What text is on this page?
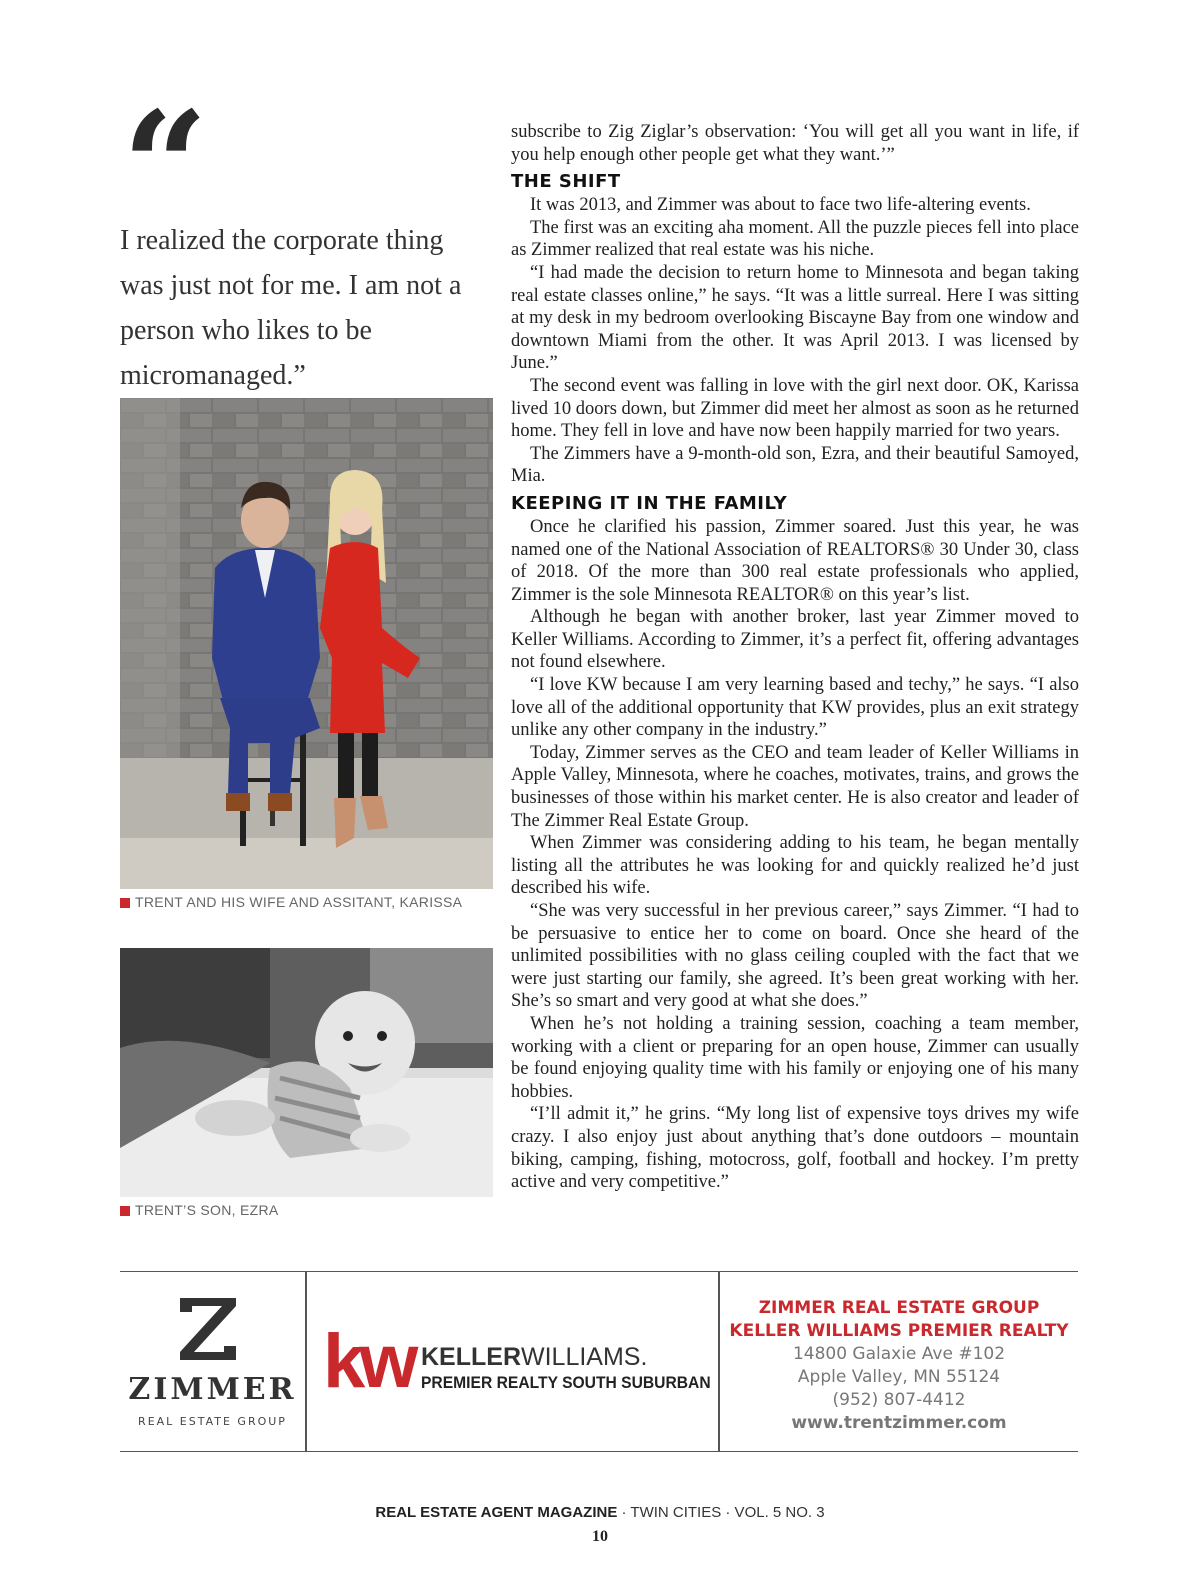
“

I realized the corporate thing was just not for me. I am not a person who likes to be micromanaged.”

TRENT AND HIS WIFE AND ASSITANT, KARISSA
TRENT’S SON, EZRA

subscribe to Zig Ziglar’s observation: ‘You will get all you want in life, if you help enough other people get what they want.’”

THE SHIFT

It was 2013, and Zimmer was about to face two life-altering events.

The first was an exciting aha moment. All the puzzle pieces fell into place as Zimmer realized that real estate was his niche.

“I had made the decision to return home to Minnesota and began taking real estate classes online,” he says. “It was a little surreal. Here I was sitting at my desk in my bedroom overlooking Biscayne Bay from one window and downtown Miami from the other. It was April 2013. I was licensed by June.”

The second event was falling in love with the girl next door. OK, Karissa lived 10 doors down, but Zimmer did meet her almost as soon as he returned home. They fell in love and have now been happily married for two years.

The Zimmers have a 9-month-old son, Ezra, and their beautiful Samoyed, Mia.

KEEPING IT IN THE FAMILY

Once he clarified his passion, Zimmer soared. Just this year, he was named one of the National Association of REALTORS® 30 Under 30, class of 2018. Of the more than 300 real estate professionals who applied, Zimmer is the sole Minnesota REALTOR® on this year’s list.

Although he began with another broker, last year Zimmer moved to Keller Williams. According to Zimmer, it’s a perfect fit, offering advantages not found elsewhere.

“I love KW because I am very learning based and techy,” he says. “I also love all of the additional opportunity that KW provides, plus an exit strategy unlike any other company in the industry.”

Today, Zimmer serves as the CEO and team leader of Keller Williams in Apple Valley, Minnesota, where he coaches, motivates, trains, and grows the businesses of those within his market center. He is also creator and leader of The Zimmer Real Estate Group.

When Zimmer was considering adding to his team, he began mentally listing all the attributes he was looking for and quickly realized he’d just described his wife.

“She was very successful in her previous career,” says Zimmer. “I had to be persuasive to entice her to come on board. Once she heard of the unlimited possibilities with no glass ceiling coupled with the fact that we were just starting our family, she agreed. It’s been great working with her. She’s so smart and very good at what she does.”

When he’s not holding a training session, coaching a team member, working with a client or preparing for an open house, Zimmer can usually be found enjoying quality time with his family or enjoying one of his many hobbies.

“I’ll admit it,” he grins. “My long list of expensive toys drives my wife crazy. I also enjoy just about anything that’s done outdoors – mountain biking, camping, fishing, motocross, golf, football and hockey. I’m pretty active and very competitive.”

ZIMMER
REAL ESTATE GROUP
kw KELLERWILLIAMS.
PREMIER REALTY SOUTH SUBURBAN
ZIMMER REAL ESTATE GROUP
KELLER WILLIAMS PREMIER REALTY
14800 Galaxie Ave #102
Apple Valley, MN 55124
(952) 807-4412
www.trentzimmer.com
REAL ESTATE AGENT MAGAZINE · TWIN CITIES · VOL. 5 NO. 3
10
